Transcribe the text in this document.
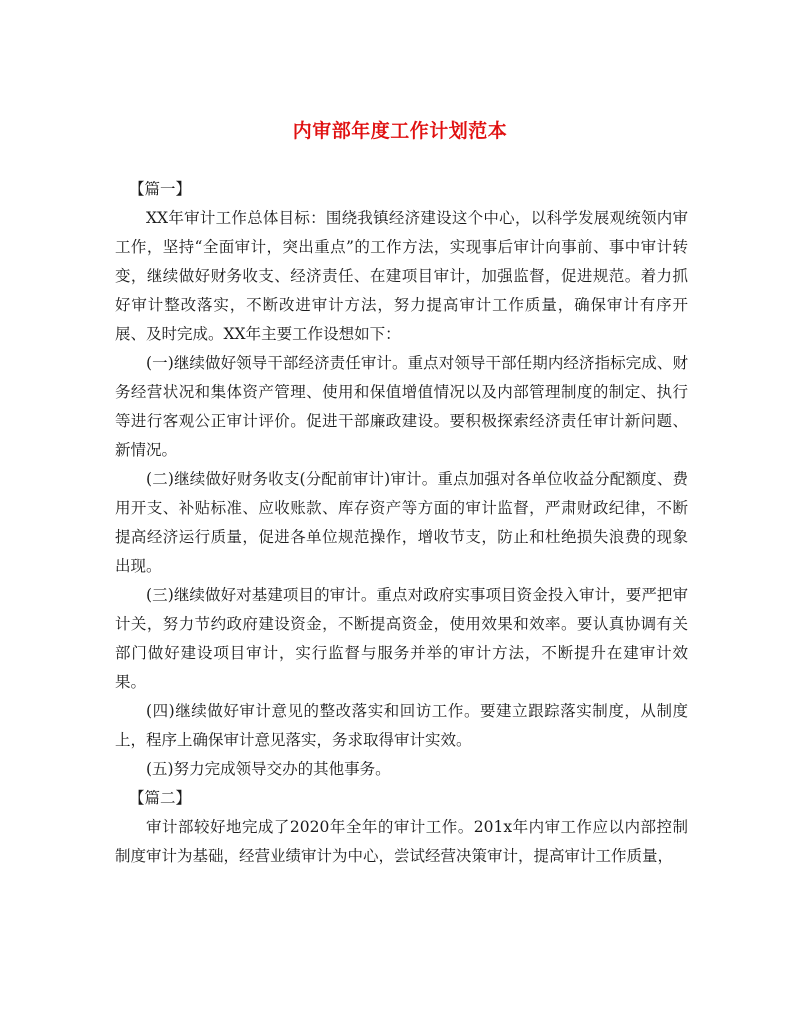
内审部年度工作计划范本

【篇一】

XX年审计工作总体目标：围绕我镇经济建设这个中心，以科学发展观统领内审工作，坚持“全面审计，突出重点”的工作方法，实现事后审计向事前、事中审计转变，继续做好财务收支、经济责任、在建项目审计，加强监督，促进规范。着力抓好审计整改落实，不断改进审计方法，努力提高审计工作质量，确保审计有序开展、及时完成。XX年主要工作设想如下：

(一)继续做好领导干部经济责任审计。重点对领导干部任期内经济指标完成、财务经营状况和集体资产管理、使用和保值增值情况以及内部管理制度的制定、执行等进行客观公正审计评价。促进干部廉政建设。要积极探索经济责任审计新问题、新情况。

(二)继续做好财务收支(分配前审计)审计。重点加强对各单位收益分配额度、费用开支、补贴标准、应收账款、库存资产等方面的审计监督，严肃财政纪律，不断提高经济运行质量，促进各单位规范操作，增收节支，防止和杜绝损失浪费的现象出现。

(三)继续做好对基建项目的审计。重点对政府实事项目资金投入审计，要严把审计关，努力节约政府建设资金，不断提高资金，使用效果和效率。要认真协调有关部门做好建设项目审计，实行监督与服务并举的审计方法，不断提升在建审计效果。

(四)继续做好审计意见的整改落实和回访工作。要建立跟踪落实制度，从制度上，程序上确保审计意见落实，务求取得审计实效。

(五)努力完成领导交办的其他事务。

【篇二】

审计部较好地完成了2020年全年的审计工作。201x年内审工作应以内部控制制度审计为基础，经营业绩审计为中心，尝试经营决策审计，提高审计工作质量，
